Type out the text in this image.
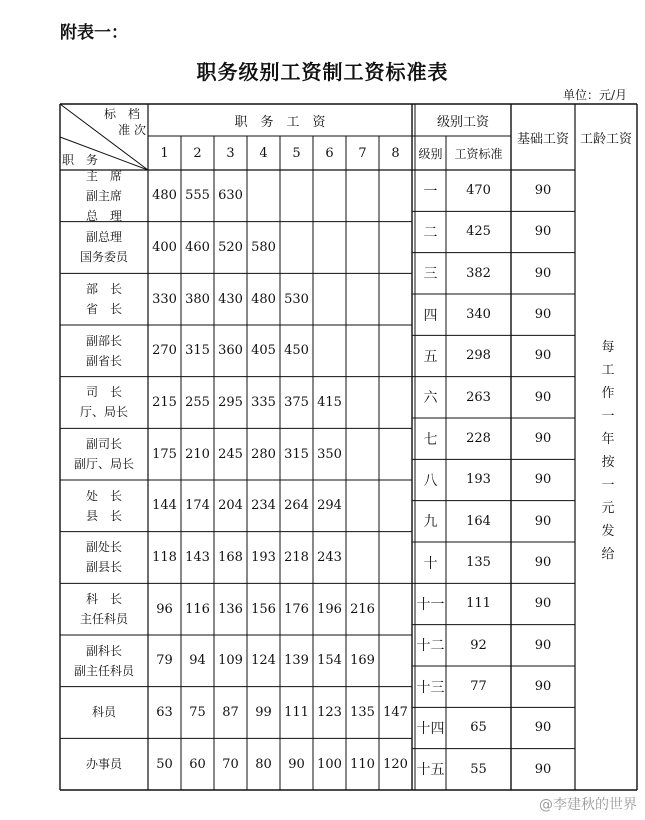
附表一：
职务级别工资制工资标准表
单位：元/月
标　档
准 次
职　务
职　务　工　资
1	2	3	4	5	6	7	8
级别工资
级别 工资标准
基础工资 工龄工资
主　席
副主席
总　理
480 555 630
副总理
国务委员
400 460 520 580
部　长
省　长
330 380 430 480 530
副部长
副省长
270 315 360 405 450
司　长
厅、局长
215 255 295 335 375 415
副司长
副厅、局长
175 210 245 280 315 350
处　长
县　长
144 174 204 234 264 294
副处长
副县长
118 143 168 193 218 243
科　长
主任科员
96 116 136 156 176 196 216
副科长
副主任科员
79	94 109 124 139 154 169
科员	63	75	87	99 111 123 135 147
办事员	50	60	70	80	90 100 110 120
一	470	90
二	425	90
三	382	90
四	340	90
五	298	90
六	263	90
七	228	90
八	193	90
九	164	90
十	135	90
十一	111	90
十二	92	90
十三	77	90
十四	65	90
十五	55	90
每工作一年按一元发给
@李建秋的世界
